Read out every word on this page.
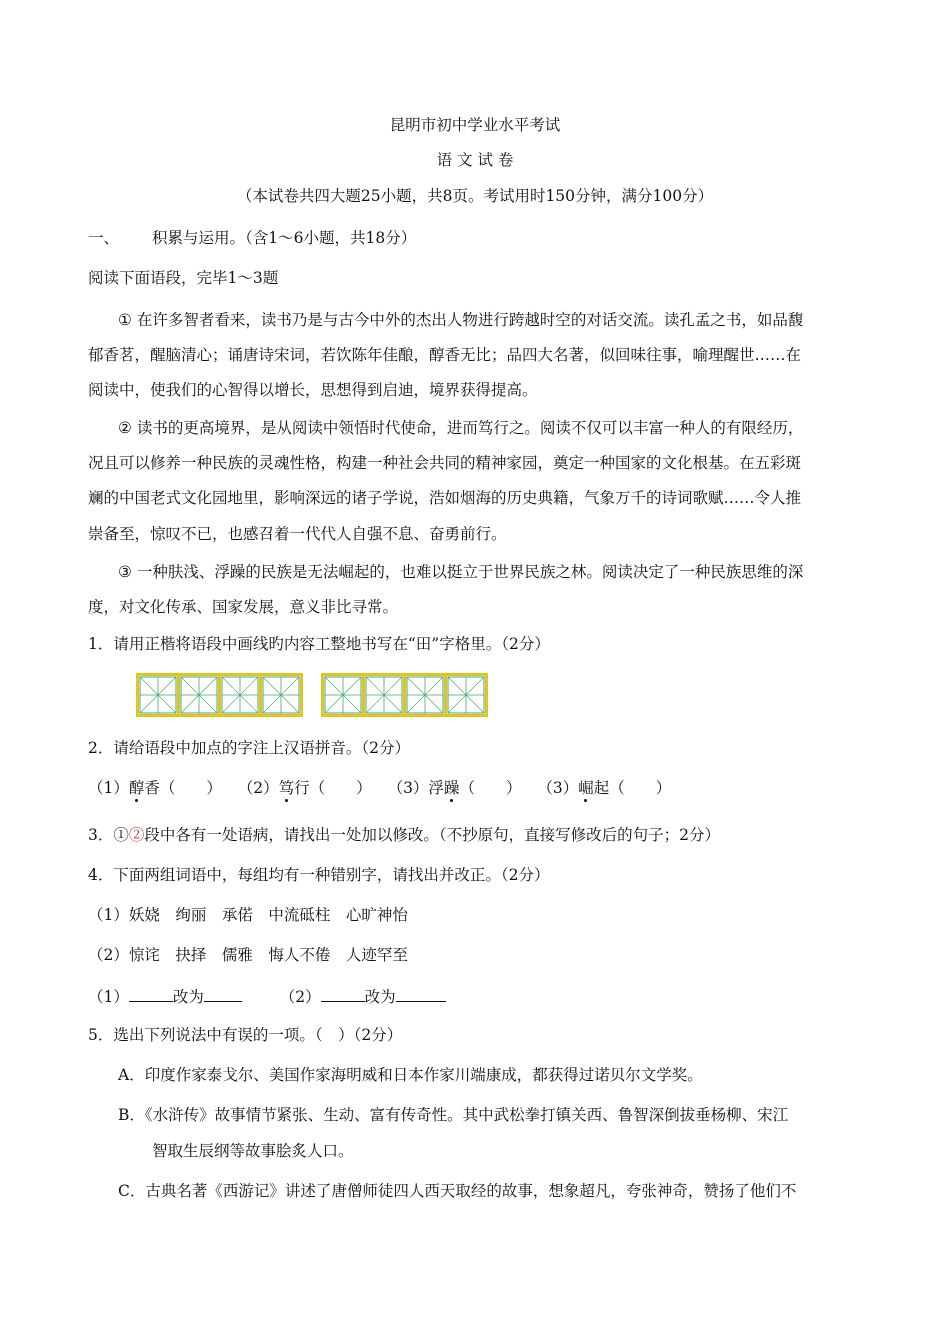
昆明市初中学业水平考试
语 文 试 卷
（本试卷共四大题25小题，共8页。考试用时150分钟，满分100分）
一、 积累与运用。（含1～6小题，共18分）
阅读下面语段，完毕1～3题
① 在许多智者看来，读书乃是与古今中外的杰出人物进行跨越时空的对话交流。读孔孟之书，如品馥
郁香茗，醒脑清心；诵唐诗宋词，若饮陈年佳酿，醇香无比；品四大名著，似回味往事，喻理醒世……在
阅读中，使我们的心智得以增长，思想得到启迪，境界获得提高。
② 读书的更高境界，是从阅读中领悟时代使命，进而笃行之。阅读不仅可以丰富一种人的有限经历，
况且可以修养一种民族的灵魂性格，构建一种社会共同的精神家园，奠定一种国家的文化根基。在五彩斑
斓的中国老式文化园地里，影响深远的诸子学说，浩如烟海的历史典籍，气象万千的诗词歌赋……令人推
崇备至，惊叹不已，也感召着一代代人自强不息、奋勇前行。
③ 一种肤浅、浮躁的民族是无法崛起的，也难以挺立于世界民族之林。阅读决定了一种民族思维的深
度，对文化传承、国家发展，意义非比寻常。
1．请用正楷将语段中画线旳内容工整地书写在“田”字格里。（2分）
2．请给语段中加点的字注上汉语拼音。（2分）
（1）醇香（　　） （2）笃行（　　） （3）浮躁（　　） （3）崛起（　　）
3．①②段中各有一处语病，请找出一处加以修改。（不抄原句，直接写修改后的句子；2分）
4．下面两组词语中，每组均有一种错别字，请找出并改正。（2分）
（1）妖娆　绚丽　承偌　中流砥柱　心旷神怡
（2）惊诧　抉择　儒雅　悔人不倦　人迹罕至
（1）	改为	（2）	改为
5．选出下列说法中有误的一项。（　）（2分）
A．印度作家泰戈尔、美国作家海明威和日本作家川端康成，都获得过诺贝尔文学奖。
B．《水浒传》故事情节紧张、生动、富有传奇性。其中武松拳打镇关西、鲁智深倒拔垂杨柳、宋江
智取生辰纲等故事脍炙人口。
C．古典名著《西游记》讲述了唐僧师徒四人西天取经的故事，想象超凡，夸张神奇，赞扬了他们不
